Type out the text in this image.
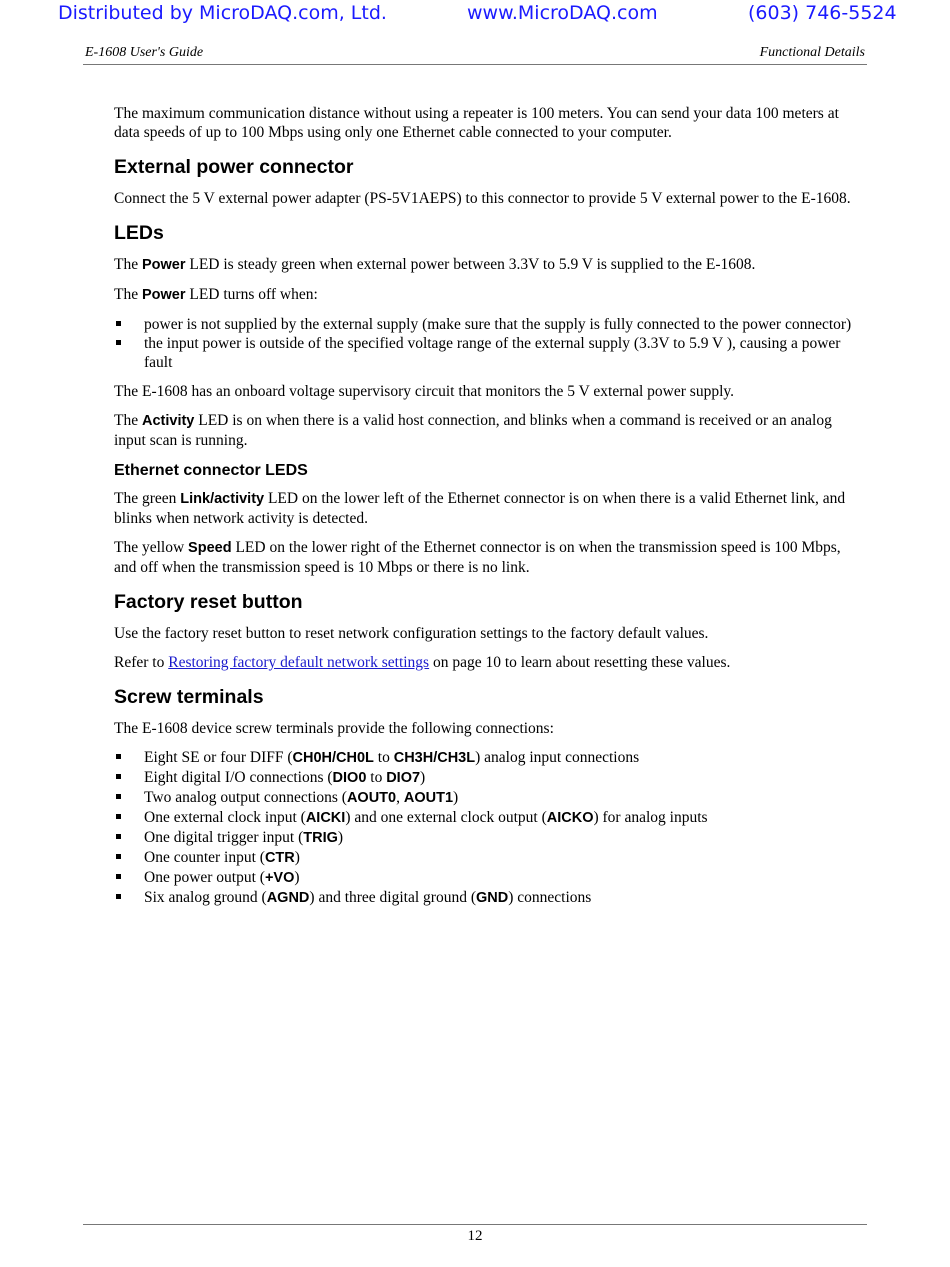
Distributed by MicroDAQ.com, Ltd.	www.MicroDAQ.com	(603) 746-5524
E-1608 User's Guide	Functional Details

The maximum communication distance without using a repeater is 100 meters. You can send your data 100 meters at data speeds of up to 100 Mbps using only one Ethernet cable connected to your computer.

External power connector

Connect the 5 V external power adapter (PS-5V1AEPS) to this connector to provide 5 V external power to the E-1608.

LEDs

The Power LED is steady green when external power between 3.3V to 5.9 V is supplied to the E-1608.

The Power LED turns off when:

power is not supplied by the external supply (make sure that the supply is fully connected to the power connector)
the input power is outside of the specified voltage range of the external supply (3.3V to 5.9 V ), causing a power fault

The E-1608 has an onboard voltage supervisory circuit that monitors the 5 V external power supply.

The Activity LED is on when there is a valid host connection, and blinks when a command is received or an analog input scan is running.

Ethernet connector LEDS

The green Link/activity LED on the lower left of the Ethernet connector is on when there is a valid Ethernet link, and blinks when network activity is detected.

The yellow Speed LED on the lower right of the Ethernet connector is on when the transmission speed is 100 Mbps, and off when the transmission speed is 10 Mbps or there is no link.

Factory reset button

Use the factory reset button to reset network configuration settings to the factory default values.

Refer to Restoring factory default network settings on page 10 to learn about resetting these values.

Screw terminals

The E-1608 device screw terminals provide the following connections:

Eight SE or four DIFF (CH0H/CH0L to CH3H/CH3L) analog input connections
Eight digital I/O connections (DIO0 to DIO7)
Two analog output connections (AOUT0, AOUT1)
One external clock input (AICKI) and one external clock output (AICKO) for analog inputs
One digital trigger input (TRIG)
One counter input (CTR)
One power output (+VO)
Six analog ground (AGND) and three digital ground (GND) connections
12
